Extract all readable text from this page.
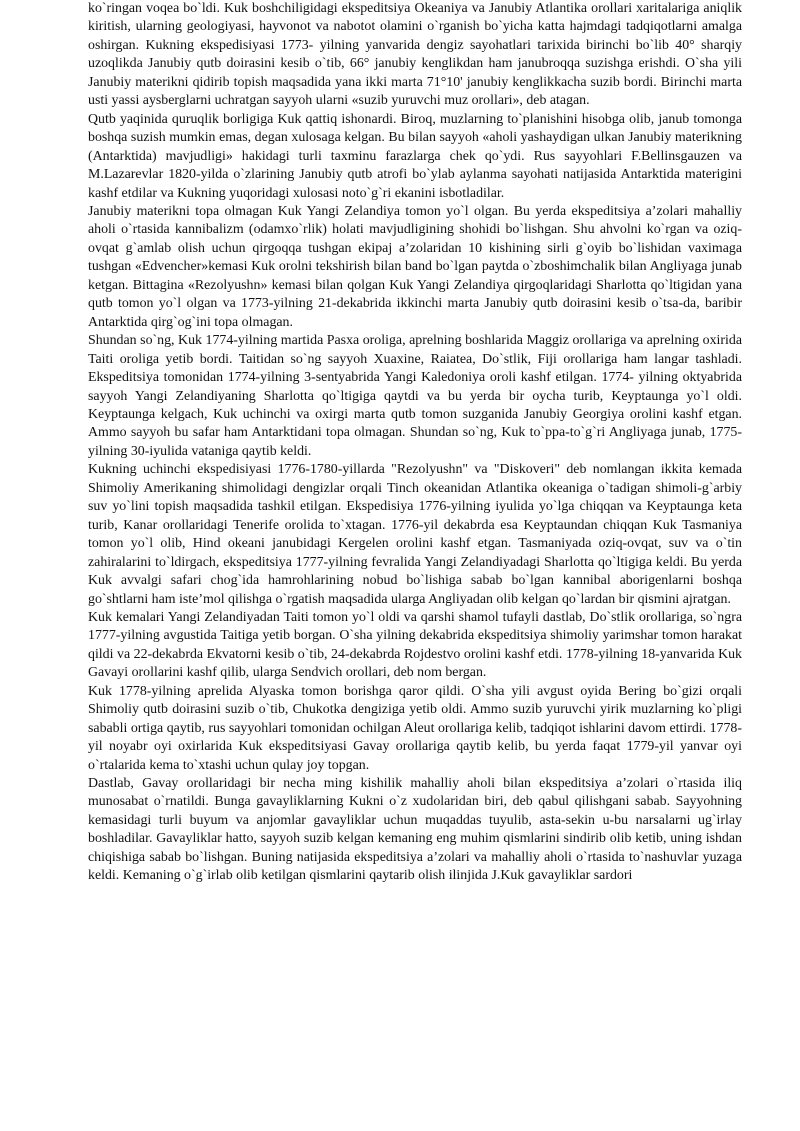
ko`ringan voqea bo`ldi. Kuk boshchiligidagi ekspeditsiya Okeaniya va Janubiy Atlantika orollari xaritalariga aniqlik kiritish, ularning geologiyasi, hayvonot va nabotot olamini o`rganish bo`yicha katta hajmdagi tadqiqotlarni amalga oshirgan. Kukning ekspedisiyasi 1773- yilning yanvarida dengiz sayohatlari tarixida birinchi bo`lib 40° sharqiy uzoqlikda Janubiy qutb doirasini kesib o`tib, 66° janubiy kenglikdan ham janubroqqa suzishga erishdi. O`sha yili Janubiy materikni qidirib topish maqsadida yana ikki marta 71°10' janubiy kenglikkacha suzib bordi. Birinchi marta usti yassi aysberglarni uchratgan sayyoh ularni «suzib yuruvchi muz orollari», deb atagan.

Qutb yaqinida quruqlik borligiga Kuk qattiq ishonardi. Biroq, muzlarning to`planishini hisobga olib, janub tomonga boshqa suzish mumkin emas, degan xulosaga kelgan. Bu bilan sayyoh «aholi yashaydigan ulkan Janubiy materikning (Antarktida) mavjudligi» hakidagi turli taxminu farazlarga chek qo`ydi. Rus sayyohlari F.Bellinsgauzen va M.Lazarevlar 1820-yilda o`zlarining Janubiy qutb atrofi bo`ylab aylanma sayohati natijasida Antarktida materigini kashf etdilar va Kukning yuqoridagi xulosasi noto`g`ri ekanini isbotladilar.

Janubiy materikni topa olmagan Kuk Yangi Zelandiya tomon yo`l olgan. Bu yerda ekspeditsiya a’zolari mahalliy aholi o`rtasida kannibalizm (odamxo`rlik) holati mavjudligining shohidi bo`lishgan. Shu ahvolni ko`rgan va oziq-ovqat g`amlab olish uchun qirgoqqa tushgan ekipaj a’zolaridan 10 kishining sirli g`oyib bo`lishidan vaximaga tushgan «Edvencher»kemasi Kuk orolni tekshirish bilan band bo`lgan paytda o`zboshimchalik bilan Angliyaga junab ketgan. Bittagina «Rezolyushn» kemasi bilan qolgan Kuk Yangi Zelandiya qirgoqlaridagi Sharlotta qo`ltigidan yana qutb tomon yo`l olgan va 1773-yilning 21-dekabrida ikkinchi marta Janubiy qutb doirasini kesib o`tsa-da, baribir Antarktida qirg`og`ini topa olmagan.

Shundan so`ng, Kuk 1774-yilning martida Pasxa oroliga, aprelning boshlarida Maggiz orollariga va aprelning oxirida Taiti oroliga yetib bordi. Taitidan so`ng sayyoh Xuaxine, Raiatea, Do`stlik, Fiji orollariga ham langar tashladi. Ekspeditsiya tomonidan 1774-yilning 3-sentyabrida Yangi Kaledoniya oroli kashf etilgan. 1774- yilning oktyabrida sayyoh Yangi Zelandiyaning Sharlotta qo`ltigiga qaytdi va bu yerda bir oycha turib, Keyptaunga yo`l oldi. Keyptaunga kelgach, Kuk uchinchi va oxirgi marta qutb tomon suzganida Janubiy Georgiya orolini kashf etgan. Ammo sayyoh bu safar ham Antarktidani topa olmagan. Shundan so`ng, Kuk to`ppa-to`g`ri Angliyaga junab, 1775-yilning 30-iyulida vataniga qaytib keldi.

Kukning uchinchi ekspedisiyasi 1776-1780-yillarda "Rezolyushn" va "Diskoveri" deb nomlangan ikkita kemada Shimoliy Amerikaning shimolidagi dengizlar orqali Tinch okeanidan Atlantika okeaniga o`tadigan shimoli-g`arbiy suv yo`lini topish maqsadida tashkil etilgan. Ekspedisiya 1776-yilning iyulida yo`lga chiqqan va Keyptaunga keta turib, Kanar orollaridagi Tenerife orolida to`xtagan. 1776-yil dekabrda esa Keyptaundan chiqqan Kuk Tasmaniya tomon yo`l olib, Hind okeani janubidagi Kergelen orolini kashf etgan. Tasmaniyada oziq-ovqat, suv va o`tin zahiralarini to`ldirgach, ekspeditsiya 1777-yilning fevralida Yangi Zelandiyadagi Sharlotta qo`ltigiga keldi. Bu yerda Kuk avvalgi safari chog`ida hamrohlarining nobud bo`lishiga sabab bo`lgan kannibal aborigenlarni boshqa go`shtlarni ham iste’mol qilishga o`rgatish maqsadida ularga Angliyadan olib kelgan qo`lardan bir qismini ajratgan.

Kuk kemalari Yangi Zelandiyadan Taiti tomon yo`l oldi va qarshi shamol tufayli dastlab, Do`stlik orollariga, so`ngra 1777-yilning avgustida Taitiga yetib borgan. O`sha yilning dekabrida ekspeditsiya shimoliy yarimshar tomon harakat qildi va 22-dekabrda Ekvatorni kesib o`tib, 24-dekabrda Rojdestvo orolini kashf etdi. 1778-yilning 18-yanvarida Kuk Gavayi orollarini kashf qilib, ularga Sendvich orollari, deb nom bergan.

Kuk 1778-yilning aprelida Alyaska tomon borishga qaror qildi. O`sha yili avgust oyida Bering bo`gizi orqali Shimoliy qutb doirasini suzib o`tib, Chukotka dengiziga yetib oldi. Ammo suzib yuruvchi yirik muzlarning ko`pligi sababli ortiga qaytib, rus sayyohlari tomonidan ochilgan Aleut orollariga kelib, tadqiqot ishlarini davom ettirdi. 1778-yil noyabr oyi oxirlarida Kuk ekspeditsiyasi Gavay orollariga qaytib kelib, bu yerda faqat 1779-yil yanvar oyi o`rtalarida kema to`xtashi uchun qulay joy topgan.

Dastlab, Gavay orollaridagi bir necha ming kishilik mahalliy aholi bilan ekspeditsiya a’zolari o`rtasida iliq munosabat o`rnatildi. Bunga gavayliklarning Kukni o`z xudolaridan biri, deb qabul qilishgani sabab. Sayyohning kemasidagi turli buyum va anjomlar gavayliklar uchun muqaddas tuyulib, asta-sekin u-bu narsalarni ug`irlay boshladilar. Gavayliklar hatto, sayyoh suzib kelgan kemaning eng muhim qismlarini sindirib olib ketib, uning ishdan chiqishiga sabab bo`lishgan. Buning natijasida ekspeditsiya a’zolari va mahalliy aholi o`rtasida to`nashuvlar yuzaga keldi. Kemaning o`g`irlab olib ketilgan qismlarini qaytarib olish ilinjida J.Kuk gavayliklar sardori
